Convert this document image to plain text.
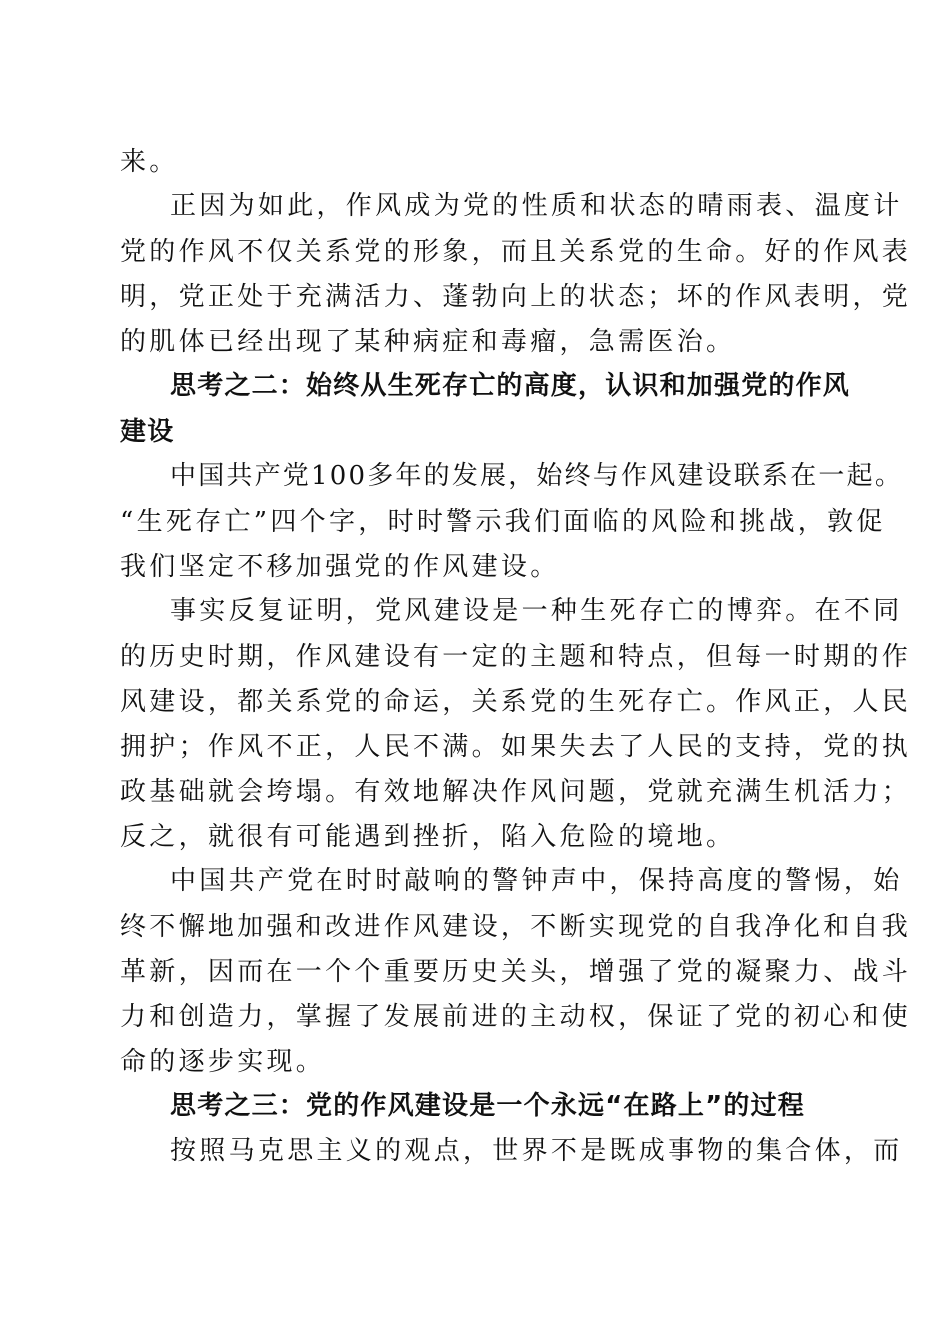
来。
正因为如此，作风成为党的性质和状态的晴雨表、温度计
党的作风不仅关系党的形象，而且关系党的生命。好的作风表
明，党正处于充满活力、蓬勃向上的状态；坏的作风表明，党
的肌体已经出现了某种病症和毒瘤，急需医治。
思考之二：始终从生死存亡的高度，认识和加强党的作风
建设
中国共产党100多年的发展，始终与作风建设联系在一起。
“生死存亡”四个字，时时警示我们面临的风险和挑战，敦促
我们坚定不移加强党的作风建设。
事实反复证明，党风建设是一种生死存亡的博弈。在不同
的历史时期，作风建设有一定的主题和特点，但每一时期的作
风建设，都关系党的命运，关系党的生死存亡。作风正，人民
拥护；作风不正，人民不满。如果失去了人民的支持，党的执
政基础就会垮塌。有效地解决作风问题，党就充满生机活力；
反之，就很有可能遇到挫折，陷入危险的境地。
中国共产党在时时敲响的警钟声中，保持高度的警惕，始
终不懈地加强和改进作风建设，不断实现党的自我净化和自我
革新，因而在一个个重要历史关头，增强了党的凝聚力、战斗
力和创造力，掌握了发展前进的主动权，保证了党的初心和使
命的逐步实现。
思考之三：党的作风建设是一个永远“在路上”的过程
按照马克思主义的观点，世界不是既成事物的集合体，而
